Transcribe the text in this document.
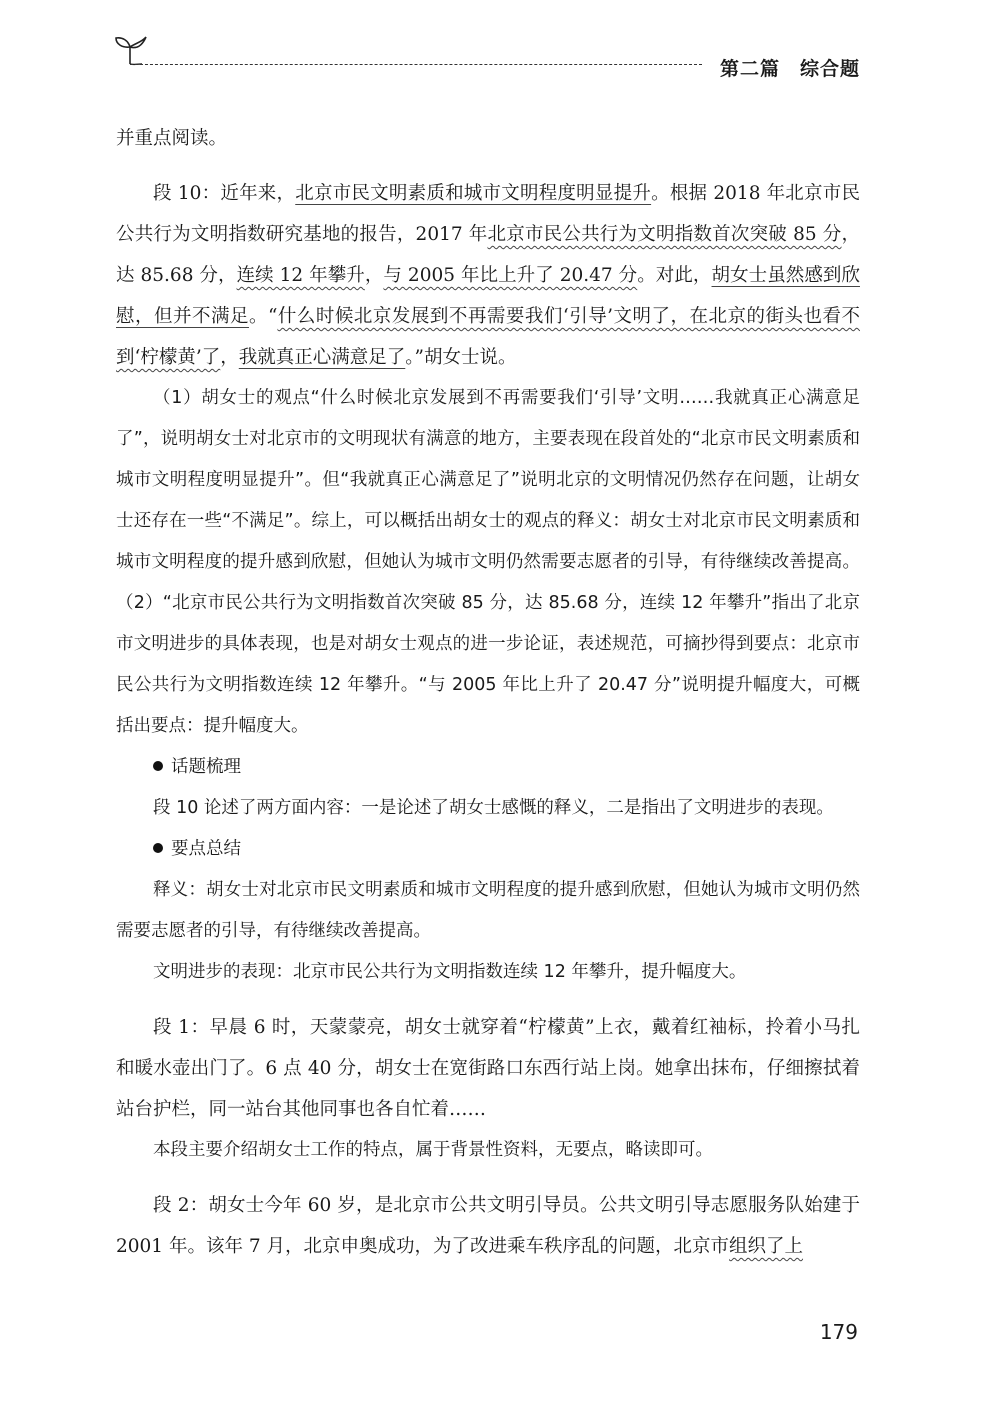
第二篇　综合题

并重点阅读。

段 10：近年来，北京市民文明素质和城市文明程度明显提升。根据 2018 年北京市民公共行为文明指数研究基地的报告，2017 年北京市民公共行为文明指数首次突破 85 分，达 85.68 分，连续 12 年攀升，与 2005 年比上升了 20.47 分。对此，胡女士虽然感到欣慰，但并不满足。“什么时候北京发展到不再需要我们‘引导’文明了，在北京的街头也看不到‘柠檬黄’了，我就真正心满意足了。”胡女士说。

（1）胡女士的观点“什么时候北京发展到不再需要我们‘引导’文明……我就真正心满意足了”，说明胡女士对北京市的文明现状有满意的地方，主要表现在段首处的“北京市民文明素质和城市文明程度明显提升”。但“我就真正心满意足了”说明北京的文明情况仍然存在问题，让胡女士还存在一些“不满足”。综上，可以概括出胡女士的观点的释义：胡女士对北京市民文明素质和城市文明程度的提升感到欣慰，但她认为城市文明仍然需要志愿者的引导，有待继续改善提高。（2）“北京市民公共行为文明指数首次突破 85 分，达 85.68 分，连续 12 年攀升”指出了北京市文明进步的具体表现，也是对胡女士观点的进一步论证，表述规范，可摘抄得到要点：北京市民公共行为文明指数连续 12 年攀升。“与 2005 年比上升了 20.47 分”说明提升幅度大，可概括出要点：提升幅度大。

话题梳理

段 10 论述了两方面内容：一是论述了胡女士感慨的释义，二是指出了文明进步的表现。

要点总结

释义：胡女士对北京市民文明素质和城市文明程度的提升感到欣慰，但她认为城市文明仍然需要志愿者的引导，有待继续改善提高。

文明进步的表现：北京市民公共行为文明指数连续 12 年攀升，提升幅度大。

段 1：早晨 6 时，天蒙蒙亮，胡女士就穿着“柠檬黄”上衣，戴着红袖标，拎着小马扎和暖水壶出门了。6 点 40 分，胡女士在宽街路口东西行站上岗。她拿出抹布，仔细擦拭着站台护栏，同一站台其他同事也各自忙着……

本段主要介绍胡女士工作的特点，属于背景性资料，无要点，略读即可。

段 2：胡女士今年 60 岁，是北京市公共文明引导员。公共文明引导志愿服务队始建于 2001 年。该年 7 月，北京申奥成功，为了改进乘车秩序乱的问题，北京市组织了上

179
